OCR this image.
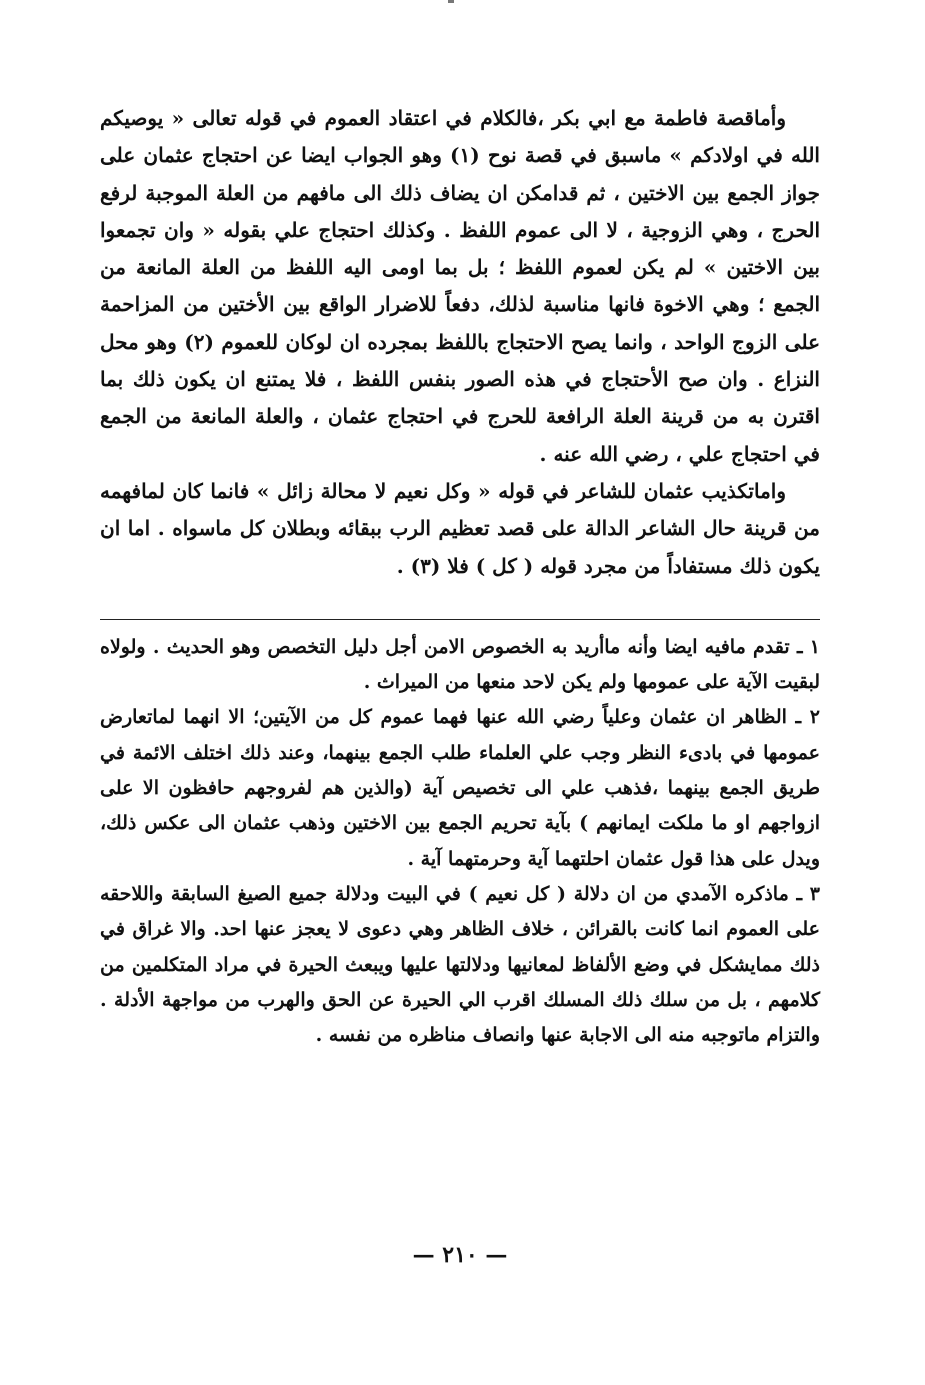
وأماقصة فاطمة مع ابي بكر ،فالكلام في اعتقاد العموم في قوله تعالى « يوصيكم الله في اولادكم » ماسبق في قصة نوح (١) وهو الجواب ايضا عن احتجاج عثمان على جواز الجمع بين الاختين ، ثم قدامكن ان يضاف ذلك الى مافهم من العلة الموجبة لرفع الحرج ، وهي الزوجية ، لا الى عموم اللفظ . وكذلك احتجاج علي بقوله « وان تجمعوا بين الاختين » لم يكن لعموم اللفظ ؛ بل بما اومى اليه اللفظ من العلة المانعة من الجمع ؛ وهي الاخوة فانها مناسبة لذلك، دفعاً للاضرار الواقع بين الأختين من المزاحمة على الزوج الواحد ، وانما يصح الاحتجاج باللفظ بمجرده ان لوكان للعموم (٢) وهو محل النزاع . وان صح الأحتجاج في هذه الصور بنفس اللفظ ، فلا يمتنع ان يكون ذلك بما اقترن به من قرينة العلة الرافعة للحرج في احتجاج عثمان ، والعلة المانعة من الجمع في احتجاج علي ، رضي الله عنه .

واماتكذيب عثمان للشاعر في قوله « وكل نعيم لا محالة زائل » فانما كان لمافهمه من قرينة حال الشاعر الدالة على قصد تعظيم الرب ببقائه وبطلان كل ماسواه . اما ان يكون ذلك مستفاداً من مجرد قوله ( كل ) فلا (٣) .

١ ـ تقدم مافيه ايضا وأنه ماأريد به الخصوص الامن أجل دليل التخصص وهو الحديث . ولولاه لبقيت الآية على عمومها ولم يكن لاحد منعها من الميراث .

٢ ـ الظاهر ان عثمان وعلياً رضي الله عنها فهما عموم كل من الآيتين؛ الا انهما لماتعارض عمومها في بادىء النظر وجب علي العلماء طلب الجمع بينهما، وعند ذلك اختلف الائمة في طريق الجمع بينهما ،فذهب علي الى تخصيص آية (والذين هم لفروجهم حافظون الا على ازواجهم او ما ملكت ايمانهم ) بآية تحريم الجمع بين الاختين وذهب عثمان الى عكس ذلك، ويدل على هذا قول عثمان احلتهما آية وحرمتهما آية .

٣ ـ ماذكره الآمدي من ان دلالة ( كل نعيم ) في البيت ودلالة جميع الصيغ السابقة واللاحقه على العموم انما كانت بالقرائن ، خلاف الظاهر وهي دعوى لا يعجز عنها احد. والا غراق في ذلك ممايشكل في وضع الألفاظ لمعانيها ودلالتها عليها ويبعث الحيرة في مراد المتكلمين من كلامهم ، بل من سلك ذلك المسلك اقرب الي الحيرة عن الحق والهرب من مواجهة الأدلة . والتزام ماتوجبه منه الى الاجابة عنها وانصاف مناظره من نفسه .

— ٢١٠ —
